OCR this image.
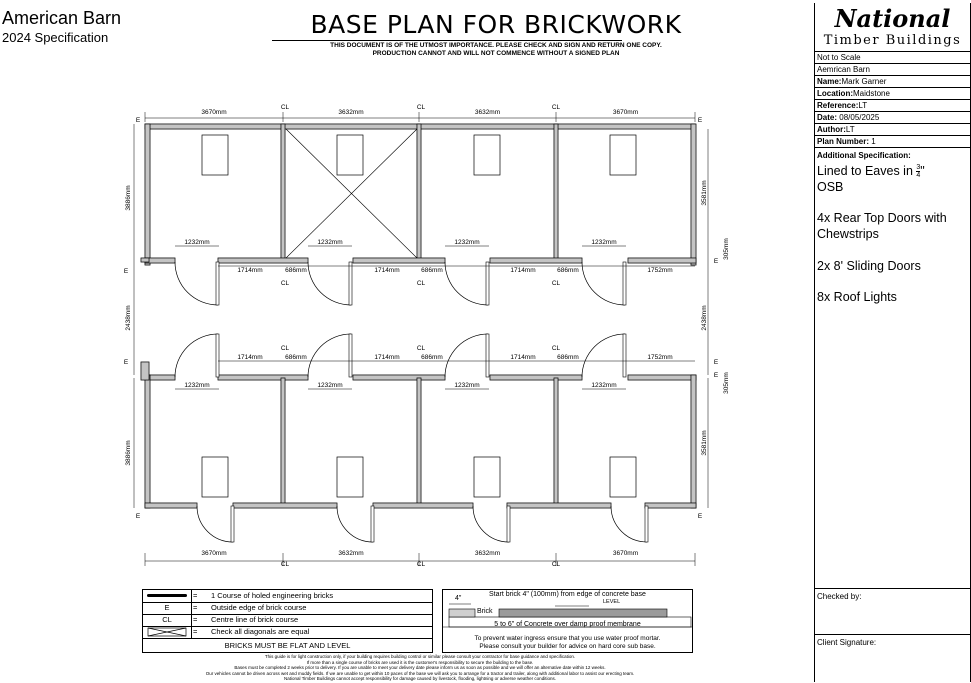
American Barn
2024 Specification	BASE PLAN FOR BRICKWORK
THIS DOCUMENT IS OF THE UTMOST IMPORTANCE. PLEASE CHECK AND SIGN AND RETURN ONE COPY.
PRODUCTION CANNOT AND WILL NOT COMMENCE WITHOUT A SIGNED PLAN
3670mm
3670mm
3632mm
3632mm
3632mm
3632mm
3670mm
3670mm
CL
CL
CL
CL
CL
CL
CL
CL
CL
CL
CL
CL
E	E
E
E
E	E
E
E	E
3886mm
3886mm
2438mm
3581mm
3581mm
2438mm
305mm
305mm
1232mm
1232mm
1232mm
1232mm
1232mm
1232mm
1232mm
1232mm
1714mm
1714mm
1714mm
1714mm
1714mm
1714mm
686mm
686mm
686mm
686mm
686mm
686mm
1752mm
1752mm
=	1 Course of holed engineering bricks
E	=	Outside edge of brick course
CL	=	Centre line of brick course
=	Check all diagonals are equal
BRICKS MUST BE FLAT AND LEVEL
Start brick 4" (100mm) from edge of concrete base
4"
Brick
LEVEL
5 to 6" of Concrete over damp proof membrane
To prevent water ingress ensure that you use water proof mortar.
Please consult your builder for advice on hard core sub base.
This guide is for light construction only, if your building requires building control or similar please consult your contractor for base guidance and specification.
If more than a single course of bricks are used it is the customer's responsibility to secure the building to the base.
Bases must be completed 2 weeks prior to delivery. If you are unable to meet your delivery date please inform us as soon as possible and we will offer an alternative date within 12 weeks.
Our vehicles cannot be driven across wet and muddy fields. If we are unable to get within 10 paces of the base we will ask you to arrange for a tractor and trailer, along with additional labor to assist our erecting team.
National Timber Buildings cannot accept responsibility for damage caused by livestock, flooding, lightning or adverse weather conditions.
National
Timber Buildings
Not to Scale
Aemrican Barn
Name:Mark Garner
Location:Maidstone
Reference:LT
Date: 08/05/2025
Author:LT
Plan Number: 1
Additional Specification:
Lined to Eaves in $\frac{3}{4}$ "
OSB
4x Rear Top Doors with Chewstrips
2x 8' Sliding Doors
8x Roof Lights
Checked by:
Client Signature:
